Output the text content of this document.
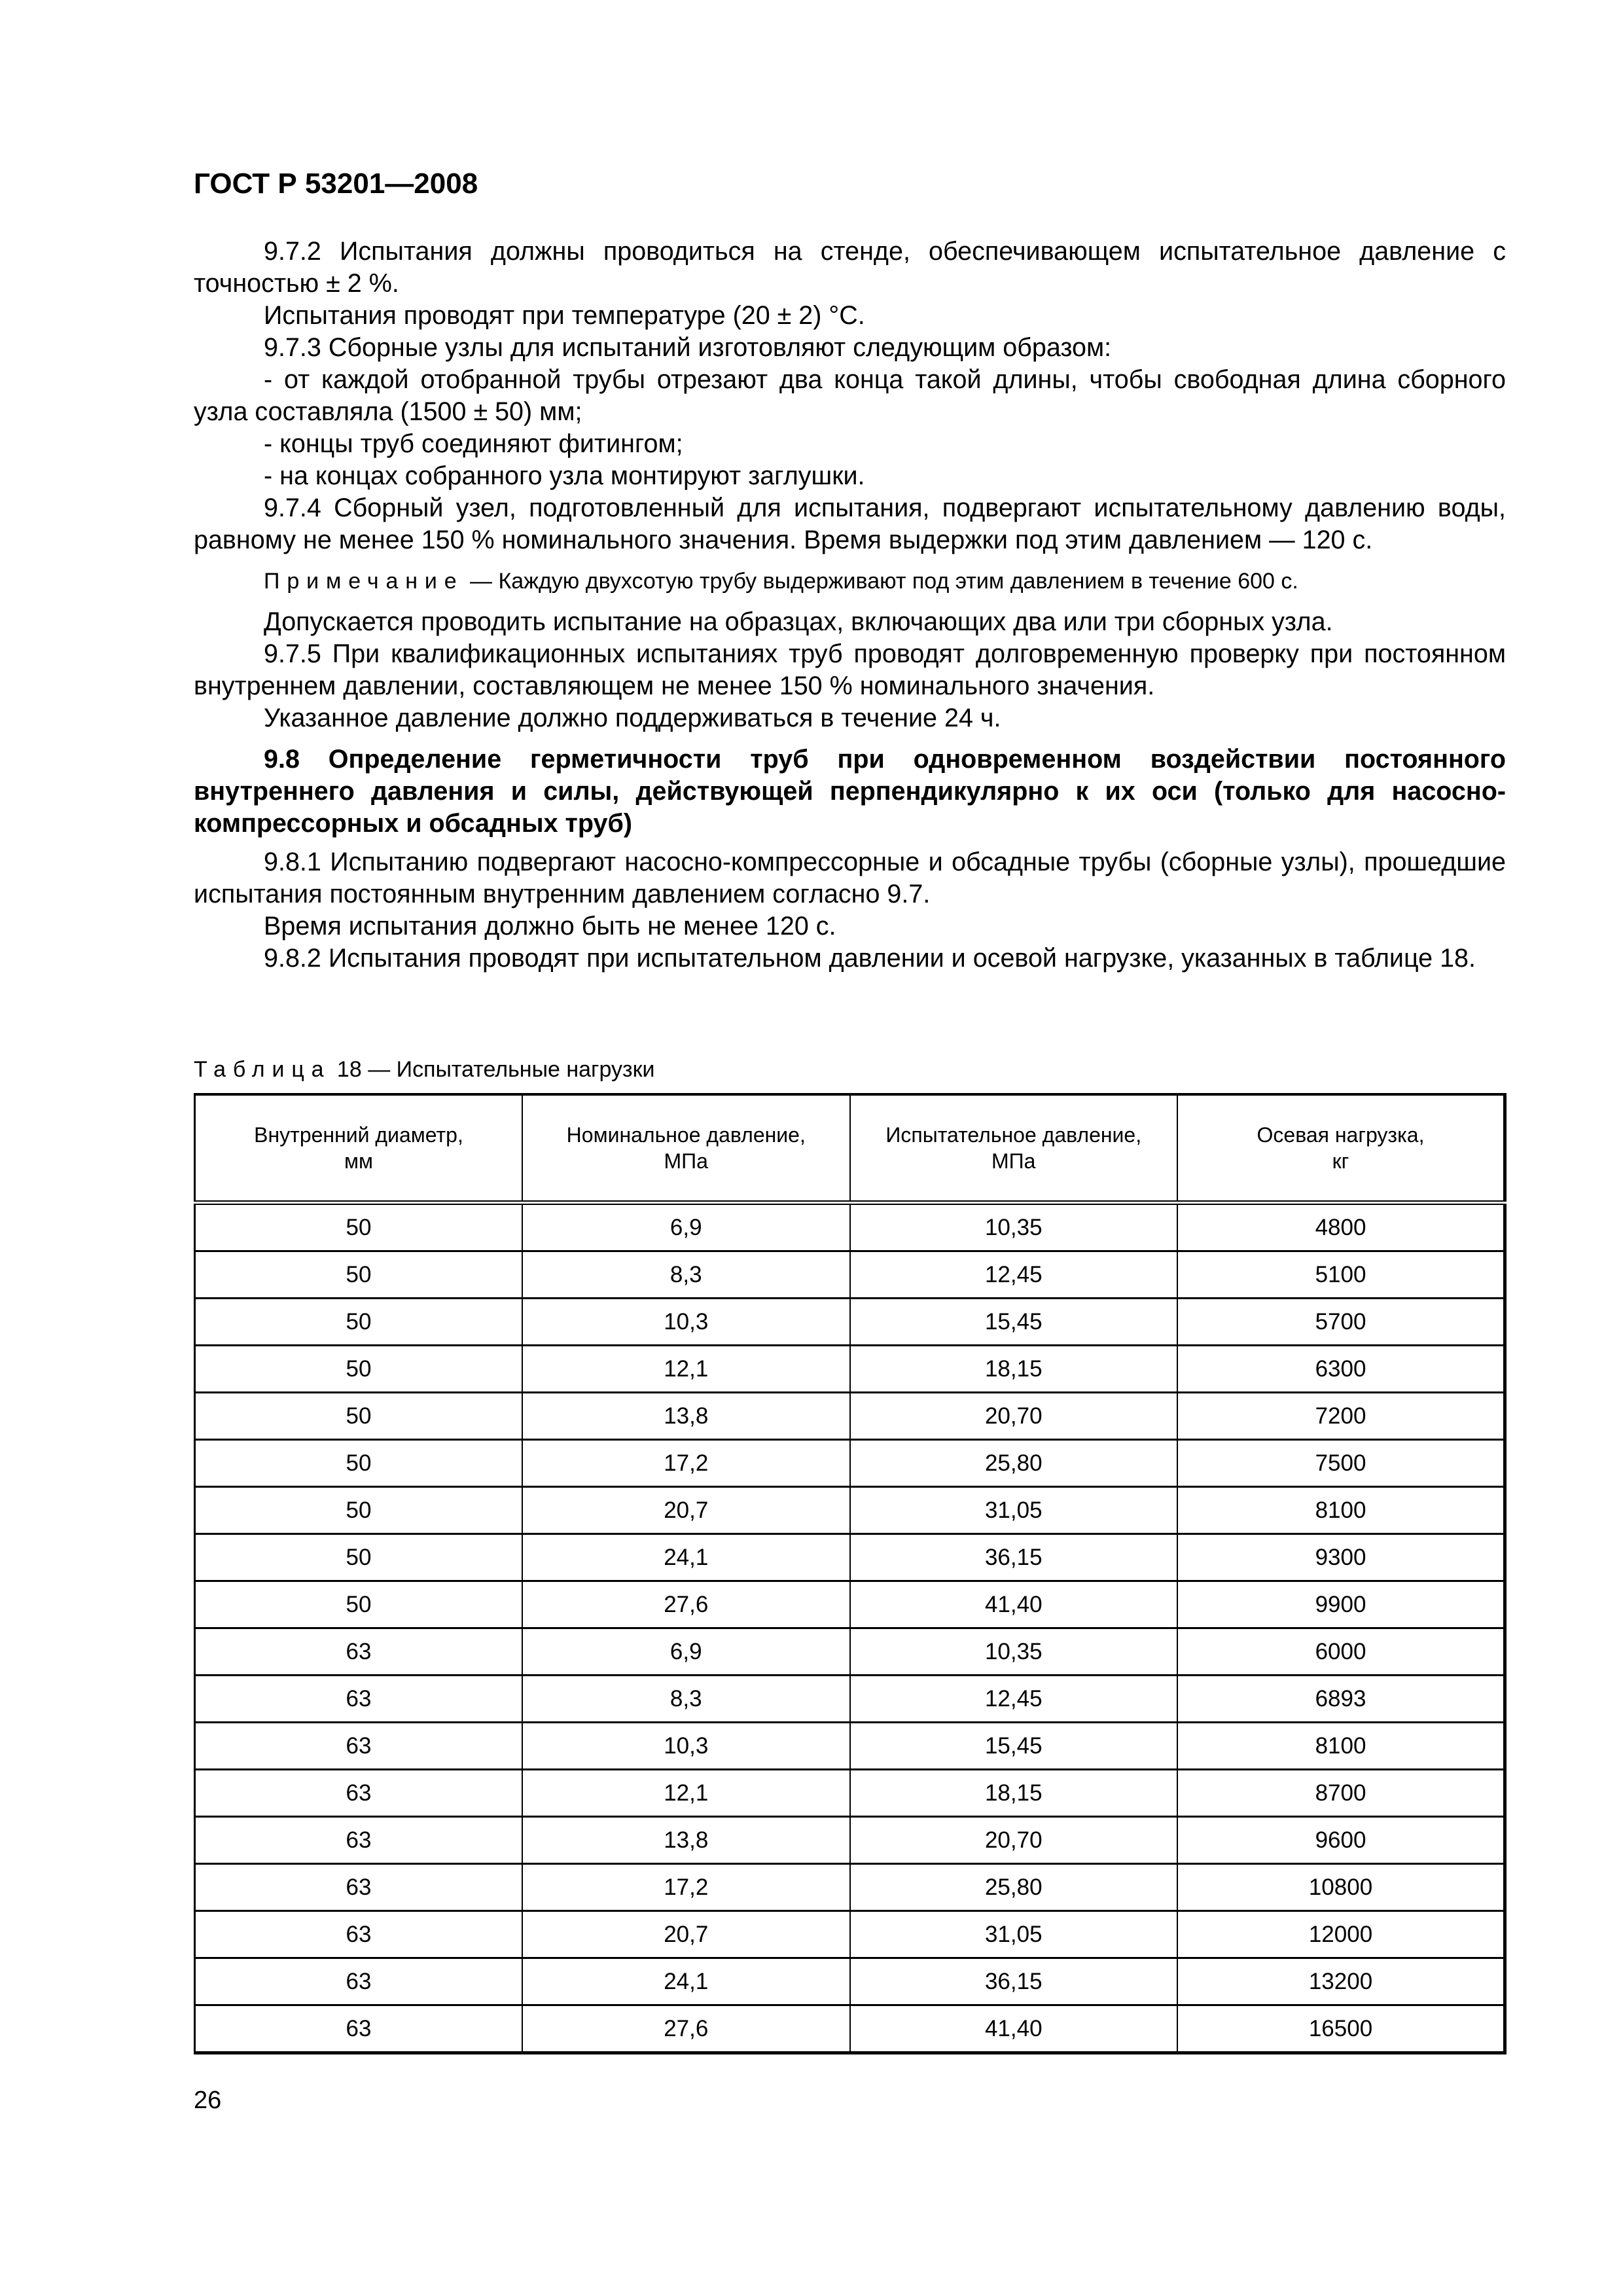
ГОСТ Р 53201—2008

9.7.2 Испытания должны проводиться на стенде, обеспечивающем испытательное давление с точностью ± 2 %.

Испытания проводят при температуре (20 ± 2) °С.

9.7.3 Сборные узлы для испытаний изготовляют следующим образом:

- от каждой отобранной трубы отрезают два конца такой длины, чтобы свободная длина сборного узла составляла (1500 ± 50) мм;

- концы труб соединяют фитингом;

- на концах собранного узла монтируют заглушки.

9.7.4 Сборный узел, подготовленный для испытания, подвергают испытательному давлению воды, равному не менее 150 % номинального значения. Время выдержки под этим давлением — 120 с.

Примечание — Каждую двухсотую трубу выдерживают под этим давлением в течение 600 с.

Допускается проводить испытание на образцах, включающих два или три сборных узла.

9.7.5 При квалификационных испытаниях труб проводят долговременную проверку при постоянном внутреннем давлении, составляющем не менее 150 % номинального значения.

Указанное давление должно поддерживаться в течение 24 ч.

9.8 Определение герметичности труб при одновременном воздействии постоянного внутреннего давления и силы, действующей перпендикулярно к их оси (только для насосно-компрессорных и обсадных труб)

9.8.1 Испытанию подвергают насосно-компрессорные и обсадные трубы (сборные узлы), прошедшие испытания постоянным внутренним давлением согласно 9.7.

Время испытания должно быть не менее 120 с.

9.8.2 Испытания проводят при испытательном давлении и осевой нагрузке, указанных в таблице 18.

Таблица 18 — Испытательные нагрузки
Внутренний диаметр,
мм	Номинальное давление,
МПа	Испытательное давление,
МПа	Осевая нагрузка,
кг
50	6,9	10,35	4800
50	8,3	12,45	5100
50	10,3	15,45	5700
50	12,1	18,15	6300
50	13,8	20,70	7200
50	17,2	25,80	7500
50	20,7	31,05	8100
50	24,1	36,15	9300
50	27,6	41,40	9900
63	6,9	10,35	6000
63	8,3	12,45	6893
63	10,3	15,45	8100
63	12,1	18,15	8700
63	13,8	20,70	9600
63	17,2	25,80	10800
63	20,7	31,05	12000
63	24,1	36,15	13200
63	27,6	41,40	16500
26
